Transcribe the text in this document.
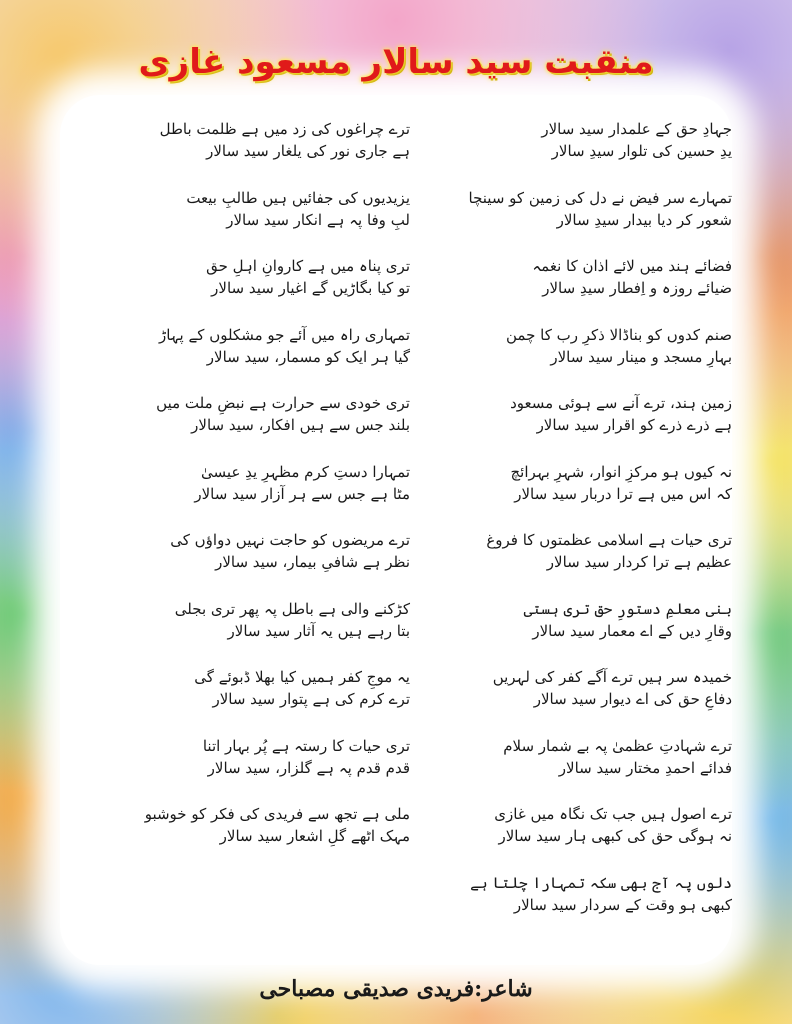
منقبت سید سالار مسعود غازی
جہادِ حق کے علمدار سید سالار
یدِ حسین کی تلوار سیدِ سالار
تمہارے سر فیض نے دل کی زمین کو سینچا
شعور کر دیا بیدار سیدِ سالار
فضائے ہند میں لائے اذان کا نغمہ
ضیائے روزہ و اِفطار سیدِ سالار
صنم کدوں کو بناڈالا ذکرِ رب کا چمن
بہارِ مسجد و مینار سید سالار
زمین ہند، ترے آنے سے ہوئی مسعود
ہے ذرے ذرے کو اقرار سید سالار
نہ کیوں ہو مرکزِ انوار، شہرِ بہرائچ
کہ اس میں ہے ترا دربار سید سالار
تری حیات ہے اسلامی عظمتوں کا فروغ
عظیم ہے ترا کردار سید سالار
بنی معلمِ دستورِ حق تری ہستی
وقارِ دیں کے اے معمار سید سالار
خمیدہ سر ہیں ترے آگے کفر کی لہریں
دفاعِ حق کی اے دیوار سید سالار
ترے شہادتِ عظمیٰ پہ بے شمار سلام
فدائے احمدِ مختار سید سالار
ترے اصول ہیں جب تک نگاہ میں غازی
نہ ہوگی حق کی کبھی ہار سید سالار
دلوں پہ آج بھی سکہ تمہارا چلتا ہے
کبھی ہو وقت کے سردار سید سالار
ترے چراغوں کی زد میں ہے ظلمت باطل
ہے جاری نور کی یلغار سید سالار
یزیدیوں کی جفائیں ہیں طالبِ بیعت
لبِ وفا پہ ہے انکار سید سالار
تری پناہ میں ہے کاروانِ اہلِ حق
تو کیا بگاڑیں گے اغیار سید سالار
تمہاری راہ میں آئے جو مشکلوں کے پہاڑ
گیا ہر ایک کو مسمار، سید سالار
تری خودی سے حرارت ہے نبضِ ملت میں
بلند جس سے ہیں افکار، سید سالار
تمہارا دستِ کرم مظہرِ یدِ عیسیٰ
مٹا ہے جس سے ہر آزار سید سالار
ترے مریضوں کو حاجت نہیں دواؤں کی
نظر ہے شافیِ بیمار، سید سالار
کڑکنے والی ہے باطل پہ پھر تری بجلی
بتا رہے ہیں یہ آثار سید سالار
یہ موجِ کفر ہمیں کیا بھلا ڈبوئے گی
ترے کرم کی ہے پتوار سید سالار
تری حیات کا رستہ ہے پُر بہار اتنا
قدم قدم پہ ہے گلزار، سید سالار
ملی ہے تجھ سے فریدی کی فکر کو خوشبو
مہک اٹھے گلِ اشعار سید سالار
شاعر:فریدی صدیقی مصباحی
